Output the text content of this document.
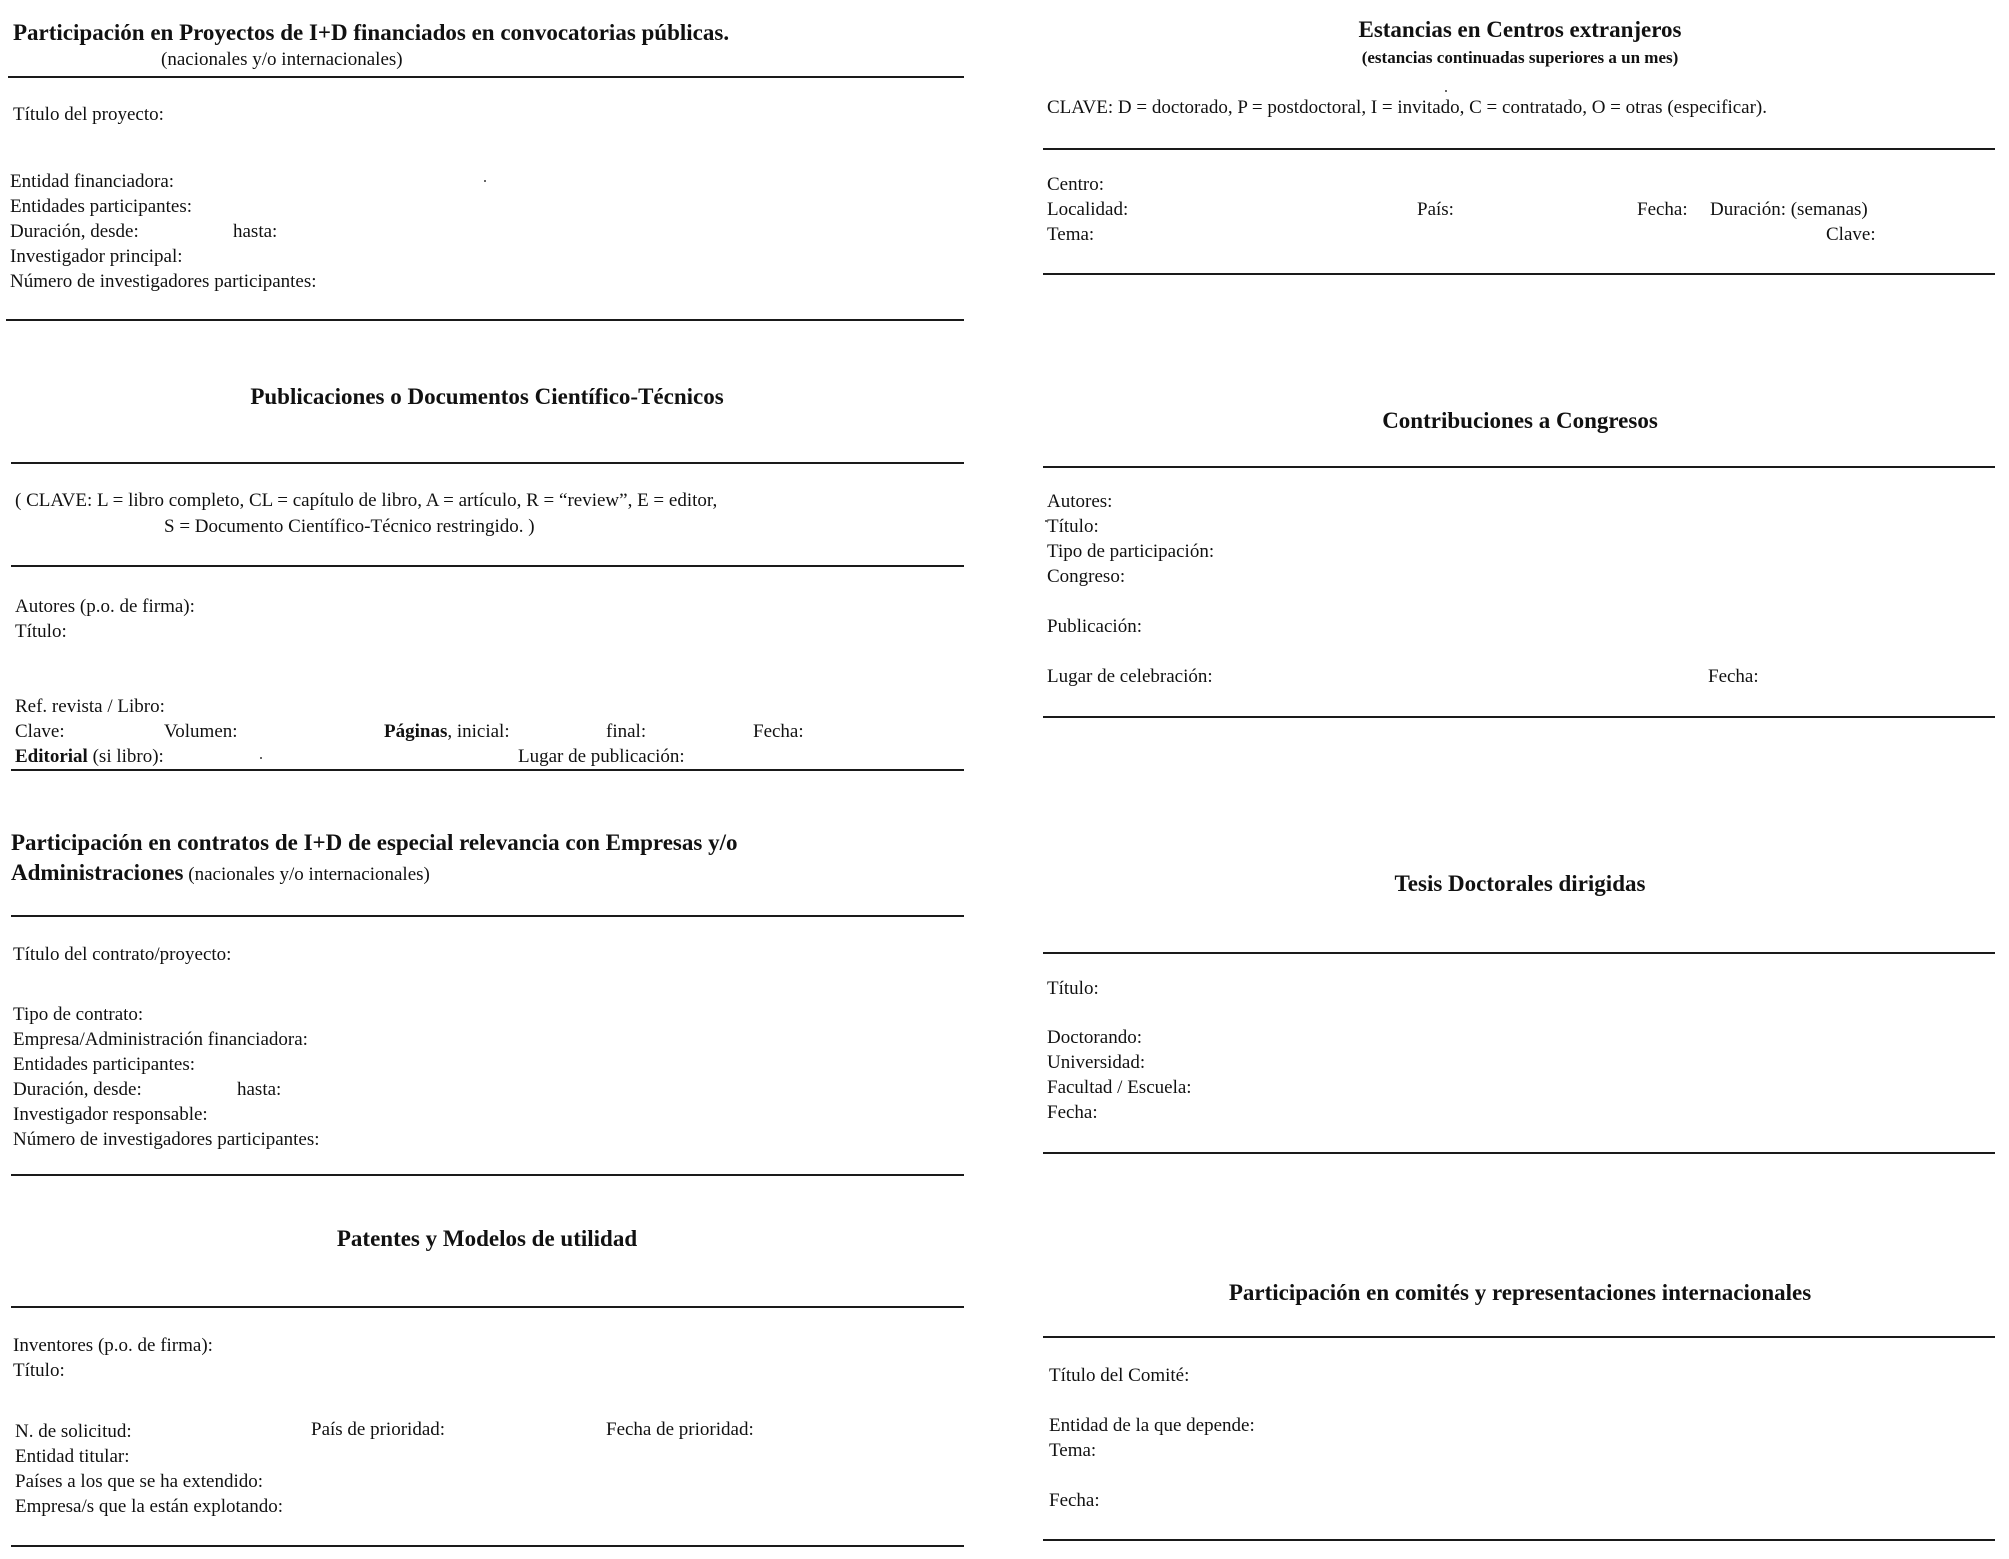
Participación en Proyectos de I+D financiados en convocatorias públicas.
(nacionales y/o internacionales)
Título del proyecto:
Entidad financiadora:
Entidades participantes:
Duración, desde:	hasta:
Investigador principal:
Número de investigadores participantes:
Publicaciones o Documentos Científico-Técnicos
( CLAVE: L = libro completo, CL = capítulo de libro, A = artículo, R = “review”, E = editor,
S = Documento Científico-Técnico restringido. )
Autores (p.o. de firma):
Título:
Ref. revista / Libro:
Clave:	Volumen:	Páginas, inicial:	final:	Fecha:
Editorial (si libro):	Lugar de publicación:
Participación en contratos de I+D de especial relevancia con Empresas y/o
Administraciones (nacionales y/o internacionales)
Título del contrato/proyecto:
Tipo de contrato:
Empresa/Administración financiadora:
Entidades participantes:
Duración, desde:	hasta:
Investigador responsable:
Número de investigadores participantes:
Patentes y Modelos de utilidad
Inventores (p.o. de firma):
Título:
N. de solicitud:	País de prioridad:	Fecha de prioridad:
Entidad titular:
Países a los que se ha extendido:
Empresa/s que la están explotando:
Estancias en Centros extranjeros
(estancias continuadas superiores a un mes)
CLAVE: D = doctorado, P = postdoctoral, I = invitado, C = contratado, O = otras (especificar).
Centro:
Localidad:	País:	Fecha: Duración: (semanas)
Tema:	Clave:
Contribuciones a Congresos
Autores:
Título:
Tipo de participación:
Congreso:
Publicación:
Lugar de celebración:	Fecha:
Tesis Doctorales dirigidas
Título:
Doctorando:
Universidad:
Facultad / Escuela:
Fecha:
Participación en comités y representaciones internacionales
Título del Comité:
Entidad de la que depende:
Tema:
Fecha:
